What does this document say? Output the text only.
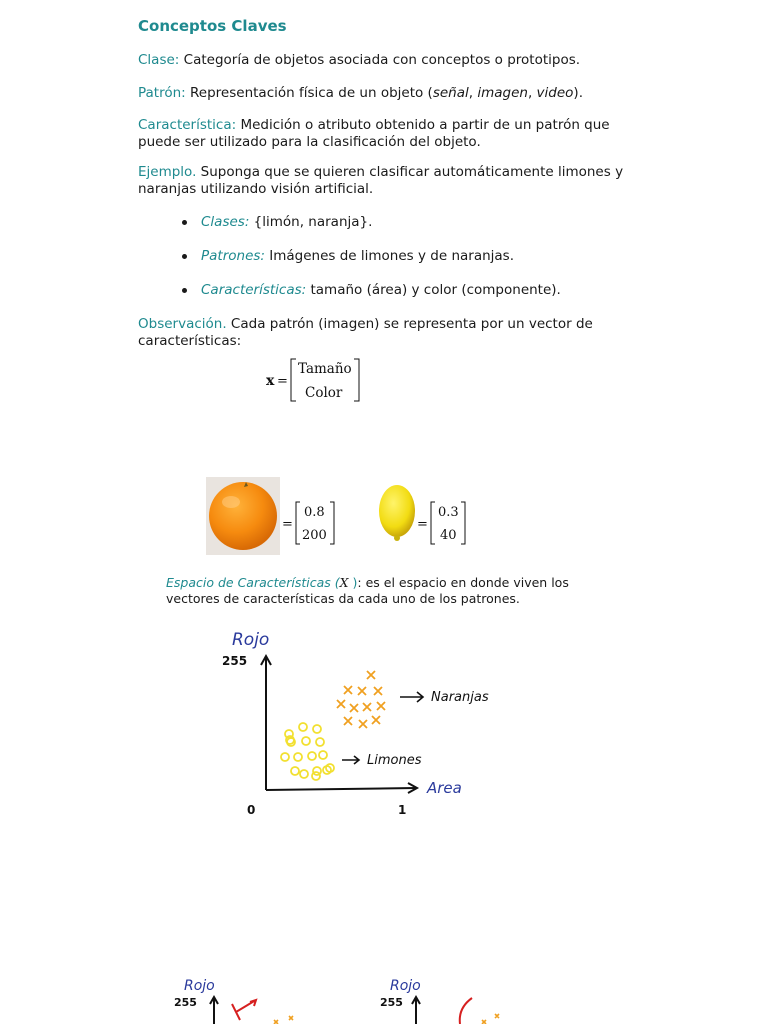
Conceptos Claves
Clase: Categoría de objetos asociada con conceptos o prototipos.
Patrón: Representación física de un objeto (señal, imagen, video).
Característica: Medición o atributo obtenido a partir de un patrón que puede ser utilizado para la clasificación del objeto.
Ejemplo. Suponga que se quieren clasificar automáticamente limones y naranjas utilizando visión artificial.
Clases: {limón, naranja}.
Patrones: Imágenes de limones y de naranjas.
Características: tamaño (área) y color (componente).
Observación. Cada patrón (imagen) se representa por un vector de características:
x =
Tamaño
Color
=
0.8
200
=
0.3
40
Espacio de Características (X ): es el espacio en donde viven los vectores de características da cada uno de los patrones.
Rojo
255
Area
0	1
Naranjas
Limones
Rojo
255
Rojo
255
